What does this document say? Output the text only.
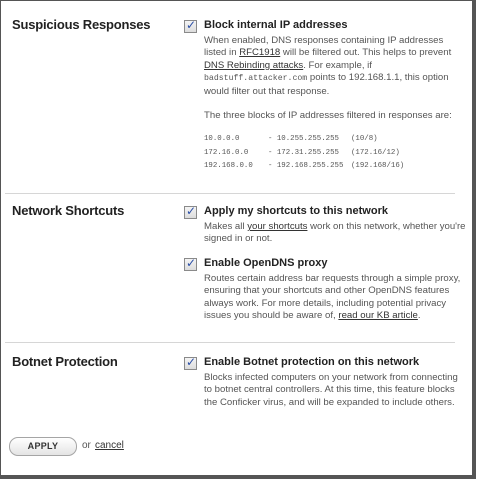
Suspicious Responses	✓ Block internal IP addresses

When enabled, DNS responses containing IP addresses listed in RFC1918 will be filtered out. This helps to prevent DNS Rebinding attacks. For example, if badstuff.attacker.com points to 192.168.1.1, this option would filter out that response.

The three blocks of IP addresses filtered in responses are:

10.0.0.0	- 10.255.255.255 (10/8)
172.16.0.0	- 172.31.255.255 (172.16/12)
192.168.0.0 - 192.168.255.255 (192.168/16)
Network Shortcuts	✓ Apply my shortcuts to this network

Makes all your shortcuts work on this network, whether you're signed in or not.

✓ Enable OpenDNS proxy

Routes certain address bar requests through a simple proxy, ensuring that your shortcuts and other OpenDNS features always work. For more details, including potential privacy issues you should be aware of, read our KB article.

Botnet Protection	✓ Enable Botnet protection on this network

Blocks infected computers on your network from connecting to botnet central controllers. At this time, this feature blocks the Conficker virus, and will be expanded to include others.

APPLY	or cancel
